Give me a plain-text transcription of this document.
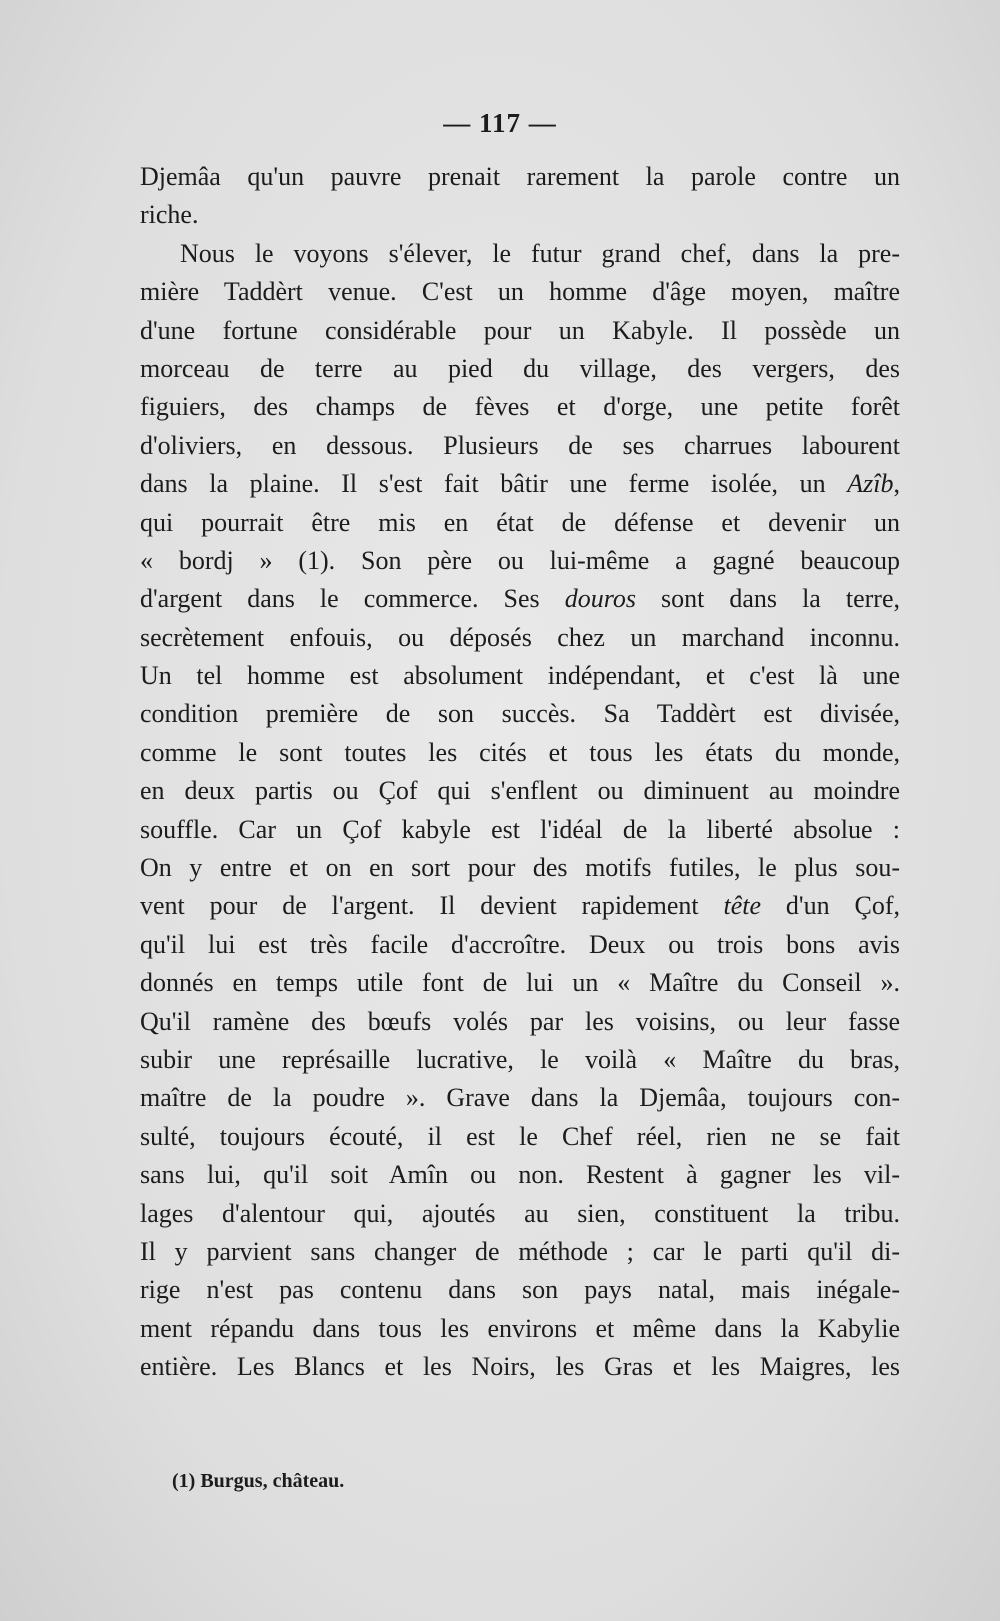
— 117 —
Djemâa qu'un pauvre prenait rarement la parole contre un
riche.
Nous le voyons s'élever, le futur grand chef, dans la pre-
mière Taddèrt venue. C'est un homme d'âge moyen, maître
d'une fortune considérable pour un Kabyle. Il possède un
morceau de terre au pied du village, des vergers, des
figuiers, des champs de fèves et d'orge, une petite forêt
d'oliviers, en dessous. Plusieurs de ses charrues labourent
dans la plaine. Il s'est fait bâtir une ferme isolée, un Azîb,
qui pourrait être mis en état de défense et devenir un
« bordj » (1). Son père ou lui-même a gagné beaucoup
d'argent dans le commerce. Ses douros sont dans la terre,
secrètement enfouis, ou déposés chez un marchand inconnu.
Un tel homme est absolument indépendant, et c'est là une
condition première de son succès. Sa Taddèrt est divisée,
comme le sont toutes les cités et tous les états du monde,
en deux partis ou Çof qui s'enflent ou diminuent au moindre
souffle. Car un Çof kabyle est l'idéal de la liberté absolue :
On y entre et on en sort pour des motifs futiles, le plus sou-
vent pour de l'argent. Il devient rapidement tête d'un Çof,
qu'il lui est très facile d'accroître. Deux ou trois bons avis
donnés en temps utile font de lui un « Maître du Conseil ».
Qu'il ramène des bœufs volés par les voisins, ou leur fasse
subir une représaille lucrative, le voilà « Maître du bras,
maître de la poudre ». Grave dans la Djemâa, toujours con-
sulté, toujours écouté, il est le Chef réel, rien ne se fait
sans lui, qu'il soit Amîn ou non. Restent à gagner les vil-
lages d'alentour qui, ajoutés au sien, constituent la tribu.
Il y parvient sans changer de méthode ; car le parti qu'il di-
rige n'est pas contenu dans son pays natal, mais inégale-
ment répandu dans tous les environs et même dans la Kabylie
entière. Les Blancs et les Noirs, les Gras et les Maigres, les
(1) Burgus, château.
